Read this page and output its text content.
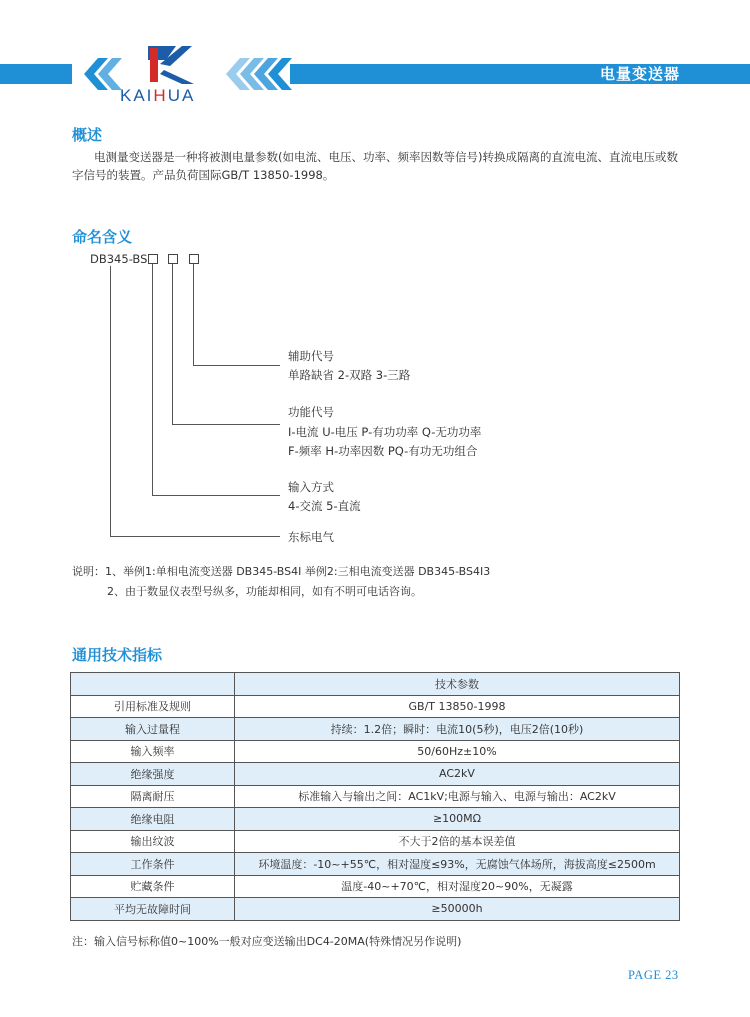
电量变送器
KAIHUA
概述
电测量变送器是一种将被测电量参数(如电流、电压、功率、频率因数等信号)转换成隔离的直流电流、直流电压或数字信号的装置。产品负荷国际GB/T 13850-1998。
命名含义
DB345-BS
辅助代号
单路缺省 2-双路 3-三路
功能代号
I-电流 U-电压 P-有功功率 Q-无功功率
F-频率 H-功率因数 PQ-有功无功组合
输入方式
4-交流 5-直流
东标电气
说明：1、举例1:单相电流变送器 DB345-BS4I 举例2:三相电流变送器 DB345-BS4I3
2、由于数显仪表型号纵多，功能却相同，如有不明可电话咨询。
通用技术指标
	技术参数
引用标准及规则	GB/T 13850-1998
输入过量程	持续：1.2倍；瞬时：电流10(5秒)，电压2倍(10秒)
输入频率	50/60Hz±10%
绝缘强度	AC2kV
隔离耐压	标准输入与输出之间：AC1kV;电源与输入、电源与输出：AC2kV
绝缘电阻	≥100MΩ
输出纹波	不大于2倍的基本误差值
工作条件	环境温度：-10~+55℃，相对湿度≤93%，无腐蚀气体场所，海拔高度≤2500m
贮藏条件	温度-40~+70℃，相对湿度20~90%，无凝露
平均无故障时间	≥50000h
注：输入信号标称值0~100%一般对应变送输出DC4-20MA(特殊情况另作说明)
PAGE 23
